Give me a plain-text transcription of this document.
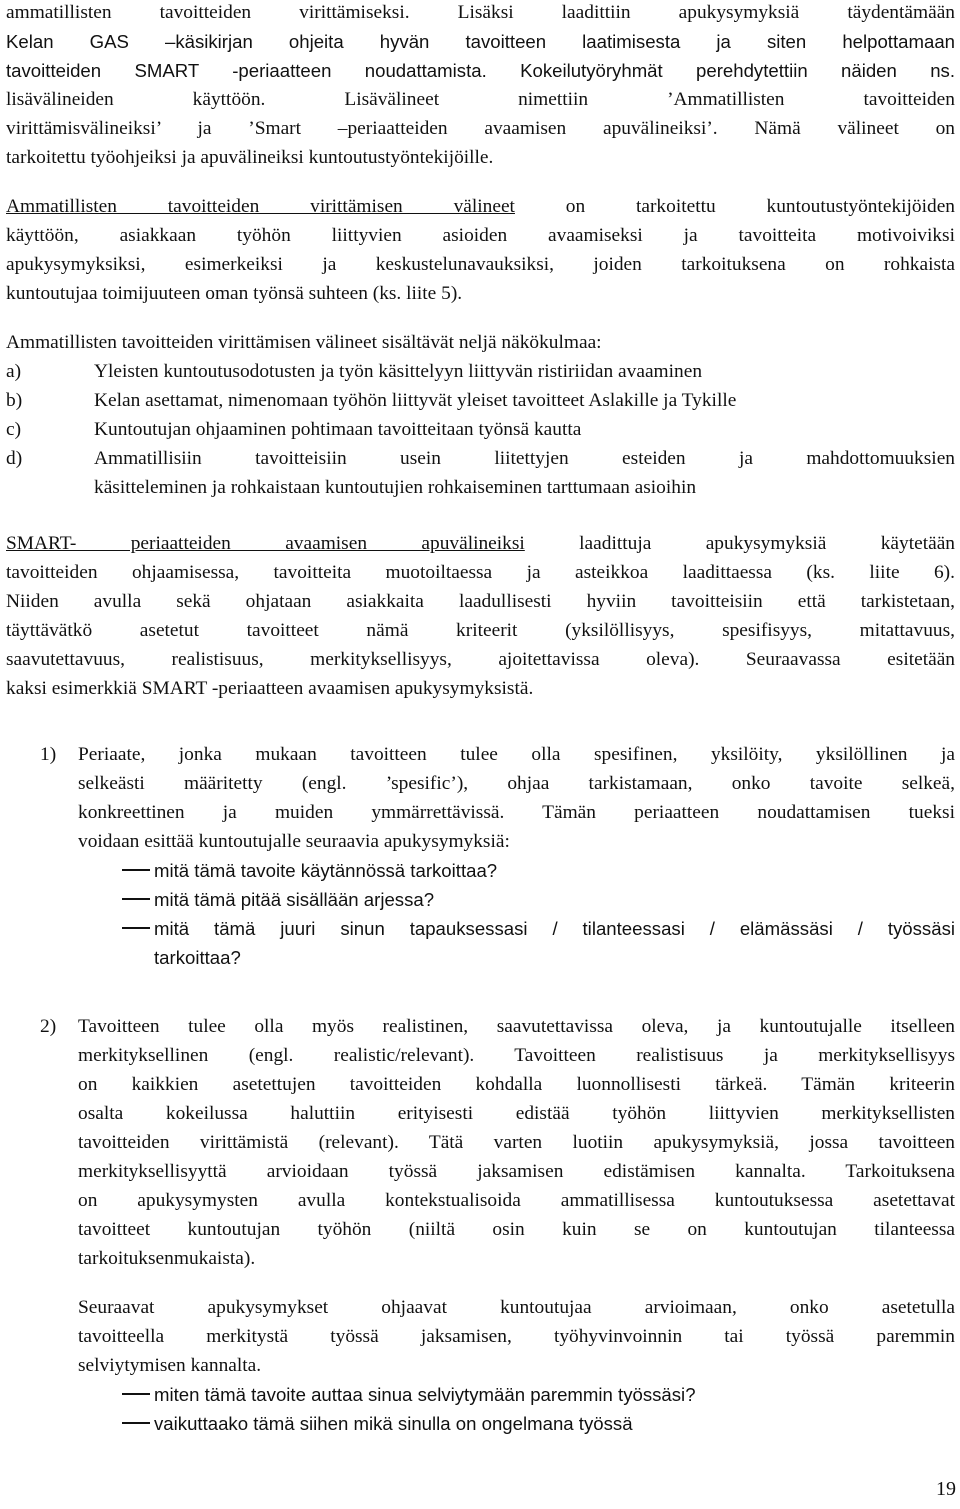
ammatillisten tavoitteiden virittämiseksi. Lisäksi laadittiin apukysymyksiä täydentämään
Kelan GAS –käsikirjan ohjeita hyvän tavoitteen laatimisesta ja siten helpottamaan
tavoitteiden SMART -periaatteen noudattamista. Kokeilutyöryhmät perehdytettiin näiden ns.
lisävälineiden käyttöön. Lisävälineet nimettiin ’Ammatillisten tavoitteiden
virittämisvälineiksi’ ja ’Smart –periaatteiden avaamisen apuvälineiksi’. Nämä välineet on
tarkoitettu työohjeiksi ja apuvälineiksi kuntoutustyöntekijöille.
Ammatillisten tavoitteiden virittämisen välineet on tarkoitettu kuntoutustyöntekijöiden
käyttöön, asiakkaan työhön liittyvien asioiden avaamiseksi ja tavoitteita motivoiviksi
apukysymyksiksi, esimerkeiksi ja keskustelunavauksiksi, joiden tarkoituksena on rohkaista
kuntoutujaa toimijuuteen oman työnsä suhteen (ks. liite 5).
Ammatillisten tavoitteiden virittämisen välineet sisältävät neljä näkökulmaa:
a)	Yleisten kuntoutusodotusten ja työn käsittelyyn liittyvän ristiriidan avaaminen
b)	Kelan asettamat, nimenomaan työhön liittyvät yleiset tavoitteet Aslakille ja Tykille
c)	Kuntoutujan ohjaaminen pohtimaan tavoitteitaan työnsä kautta
d)	Ammatillisiin tavoitteisiin usein liitettyjen esteiden ja mahdottomuuksien
käsitteleminen ja rohkaistaan kuntoutujien rohkaiseminen tarttumaan asioihin
SMART- periaatteiden avaamisen apuvälineiksi laadittuja apukysymyksiä käytetään
tavoitteiden ohjaamisessa, tavoitteita muotoiltaessa ja asteikkoa laadittaessa (ks. liite 6).
Niiden avulla sekä ohjataan asiakkaita laadullisesti hyviin tavoitteisiin että tarkistetaan,
täyttävätkö asetetut tavoitteet nämä kriteerit (yksilöllisyys, spesifisyys, mitattavuus,
saavutettavuus, realistisuus, merkityksellisyys, ajoitettavissa oleva). Seuraavassa esitetään
kaksi esimerkkiä SMART -periaatteen avaamisen apukysymyksistä.
1)	Periaate, jonka mukaan tavoitteen tulee olla spesifinen, yksilöity, yksilöllinen ja
selkeästi määritetty (engl. ’spesific’), ohjaa tarkistamaan, onko tavoite selkeä,
konkreettinen ja muiden ymmärrettävissä. Tämän periaatteen noudattamisen tueksi
voidaan esittää kuntoutujalle seuraavia apukysymyksiä:
mitä tämä tavoite käytännössä tarkoittaa?
mitä tämä pitää sisällään arjessa?
mitä tämä juuri sinun tapauksessasi / tilanteessasi / elämässäsi / työssäsi
tarkoittaa?
2)	Tavoitteen tulee olla myös realistinen, saavutettavissa oleva, ja kuntoutujalle itselleen
merkityksellinen (engl. realistic/relevant). Tavoitteen realistisuus ja merkityksellisyys
on kaikkien asetettujen tavoitteiden kohdalla luonnollisesti tärkeä. Tämän kriteerin
osalta kokeilussa haluttiin erityisesti edistää työhön liittyvien merkityksellisten
tavoitteiden virittämistä (relevant). Tätä varten luotiin apukysymyksiä, jossa tavoitteen
merkityksellisyyttä arvioidaan työssä jaksamisen edistämisen kannalta. Tarkoituksena
on apukysymysten avulla kontekstualisoida ammatillisessa kuntoutuksessa asetettavat
tavoitteet kuntoutujan työhön (niiltä osin kuin se on kuntoutujan tilanteessa
tarkoituksenmukaista).
Seuraavat apukysymykset ohjaavat kuntoutujaa arvioimaan, onko asetetulla
tavoitteella merkitystä työssä jaksamisen, työhyvinvoinnin tai työssä paremmin
selviytymisen kannalta.
miten tämä tavoite auttaa sinua selviytymään paremmin työssäsi?
vaikuttaako tämä siihen mikä sinulla on ongelmana työssä
19
